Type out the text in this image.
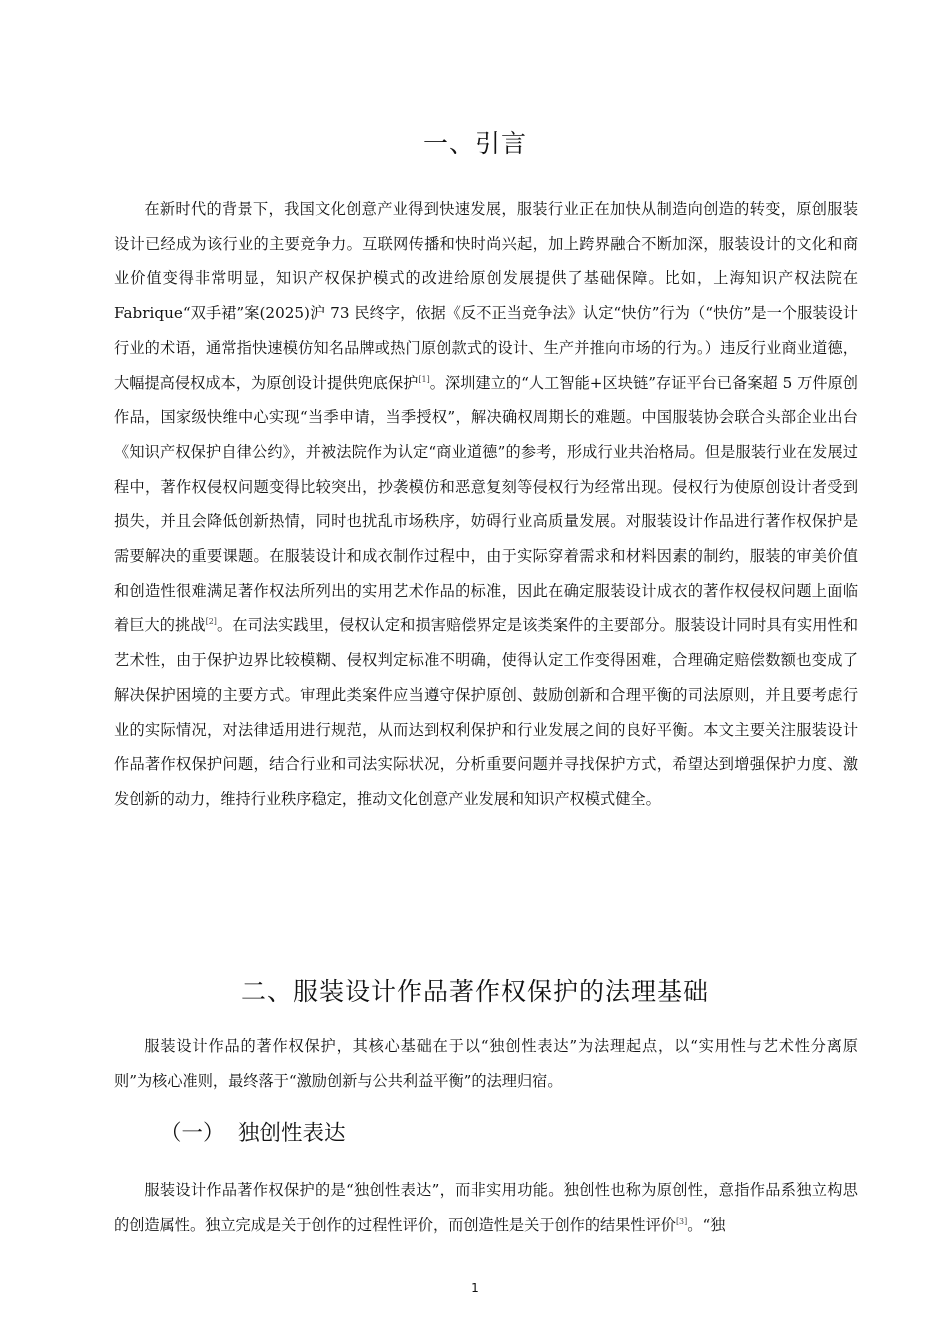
一、引言
在新时代的背景下，我国文化创意产业得到快速发展，服装行业正在加快从制造向创造的转变，原创服装设计已经成为该行业的主要竞争力。互联网传播和快时尚兴起，加上跨界融合不断加深，服装设计的文化和商业价值变得非常明显，知识产权保护模式的改进给原创发展提供了基础保障。比如，上海知识产权法院在 Fabrique“双手裙”案(2025)沪 73 民终字，依据《反不正当竞争法》认定“快仿”行为（“快仿”是一个服装设计行业的术语，通常指快速模仿知名品牌或热门原创款式的设计、生产并推向市场的行为。）违反行业商业道德，大幅提高侵权成本，为原创设计提供兜底保护[1]。深圳建立的“人工智能+区块链”存证平台已备案超 5 万件原创作品，国家级快维中心实现“当季申请，当季授权”，解决确权周期长的难题。中国服装协会联合头部企业出台《知识产权保护自律公约》，并被法院作为认定“商业道德”的参考，形成行业共治格局。但是服装行业在发展过程中，著作权侵权问题变得比较突出，抄袭模仿和恶意复刻等侵权行为经常出现。侵权行为使原创设计者受到损失，并且会降低创新热情，同时也扰乱市场秩序，妨碍行业高质量发展。对服装设计作品进行著作权保护是需要解决的重要课题。在服装设计和成衣制作过程中，由于实际穿着需求和材料因素的制约，服装的审美价值和创造性很难满足著作权法所列出的实用艺术作品的标准，因此在确定服装设计成衣的著作权侵权问题上面临着巨大的挑战[2]。在司法实践里，侵权认定和损害赔偿界定是该类案件的主要部分。服装设计同时具有实用性和艺术性，由于保护边界比较模糊、侵权判定标准不明确，使得认定工作变得困难，合理确定赔偿数额也变成了解决保护困境的主要方式。审理此类案件应当遵守保护原创、鼓励创新和合理平衡的司法原则，并且要考虑行业的实际情况，对法律适用进行规范，从而达到权利保护和行业发展之间的良好平衡。本文主要关注服装设计作品著作权保护问题，结合行业和司法实际状况，分析重要问题并寻找保护方式，希望达到增强保护力度、激发创新的动力，维持行业秩序稳定，推动文化创意产业发展和知识产权模式健全。
二、服装设计作品著作权保护的法理基础
服装设计作品的著作权保护，其核心基础在于以“独创性表达”为法理起点，以“实用性与艺术性分离原则”为核心准则，最终落于“激励创新与公共利益平衡”的法理归宿。
（一） 独创性表达
服装设计作品著作权保护的是“独创性表达”，而非实用功能。独创性也称为原创性，意指作品系独立构思的创造属性。独立完成是关于创作的过程性评价，而创造性是关于创作的结果性评价[3]。“独
1
